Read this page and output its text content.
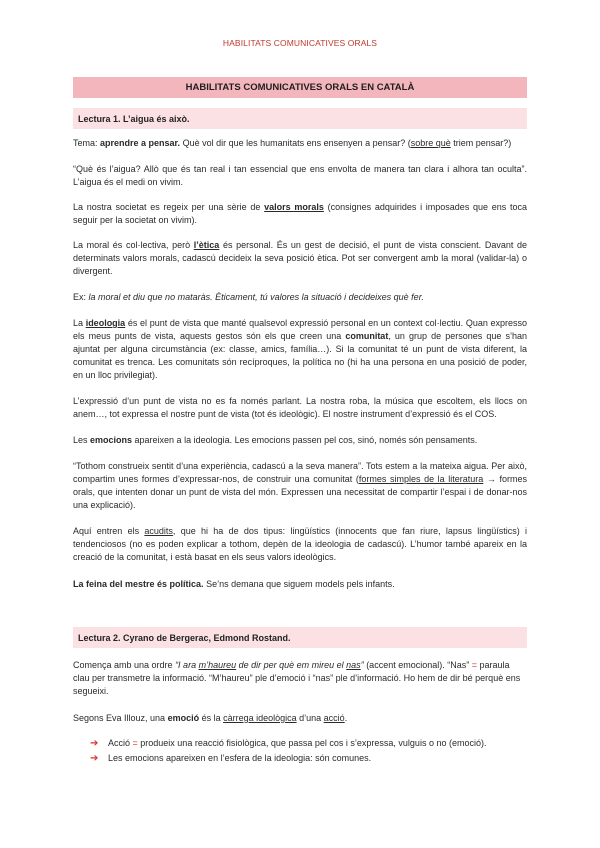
HABILITATS COMUNICATIVES ORALS
HABILITATS COMUNICATIVES ORALS EN CATALÀ
Lectura 1. L’aigua és això.
Tema: aprendre a pensar. Què vol dir que les humanitats ens ensenyen a pensar? (sobre què triem pensar?)
“Què és l’aigua? Allò que és tan real i tan essencial que ens envolta de manera tan clara i alhora tan oculta”. L’aigua és el medi on vivim.
La nostra societat es regeix per una sèrie de valors morals (consignes adquirides i imposades que ens toca seguir per la societat on vivim).
La moral és col·lectiva, però l’ètica és personal. És un gest de decisió, el punt de vista conscient. Davant de determinats valors morals, cadascú decideix la seva posició ètica. Pot ser convergent amb la moral (validar-la) o divergent.
Ex: la moral et diu que no mataràs. Èticament, tú valores la situació i decideixes què fer.
La ideologia és el punt de vista que manté qualsevol expressió personal en un context col·lectiu. Quan expresso els meus punts de vista, aquests gestos són els que creen una comunitat, un grup de persones que s’han ajuntat per alguna circumstància (ex: classe, amics, família…). Si la comunitat té un punt de vista diferent, la comunitat es trenca. Les comunitats són recíproques, la política no (hi ha una persona en una posició de poder, en un lloc privilegiat).
L’expressió d’un punt de vista no es fa només parlant. La nostra roba, la música que escoltem, els llocs on anem…, tot expressa el nostre punt de vista (tot és ideològic). El nostre instrument d’expressió és el COS.
Les emocions apareixen a la ideologia. Les emocions passen pel cos, sinó, només són pensaments.
“Tothom construeix sentit d’una experiència, cadascú a la seva manera”. Tots estem a la mateixa aigua. Per això, compartim unes formes d’expressar-nos, de construir una comunitat (formes simples de la literatura → formes orals, que intenten donar un punt de vista del món. Expressen una necessitat de compartir l’espai i de donar-nos una explicació).
Aquí entren els acudits, que hi ha de dos tipus: lingüístics (innocents que fan riure, lapsus lingüístics) i tendenciosos (no es poden explicar a tothom, depèn de la ideologia de cadascú). L’humor també apareix en la creació de la comunitat, i està basat en els seus valors ideològics.
La feina del mestre és política. Se’ns demana que siguem models pels infants.
Lectura 2. Cyrano de Bergerac, Edmond Rostand.
Comença amb una ordre “I ara m’haureu de dir per què em mireu el nas” (accent emocional). “Nas” = paraula clau per transmetre la informació. “M’haureu” ple d’emoció i “nas” ple d’informació. Ho hem de dir bé perquè ens segueixi.
Segons Eva Illouz, una emoció és la càrrega ideològica d’una acció.
➔	Acció = produeix una reacció fisiològica, que passa pel cos i s’expressa, vulguis o no (emoció).
➔	Les emocions apareixen en l’esfera de la ideologia: són comunes.
